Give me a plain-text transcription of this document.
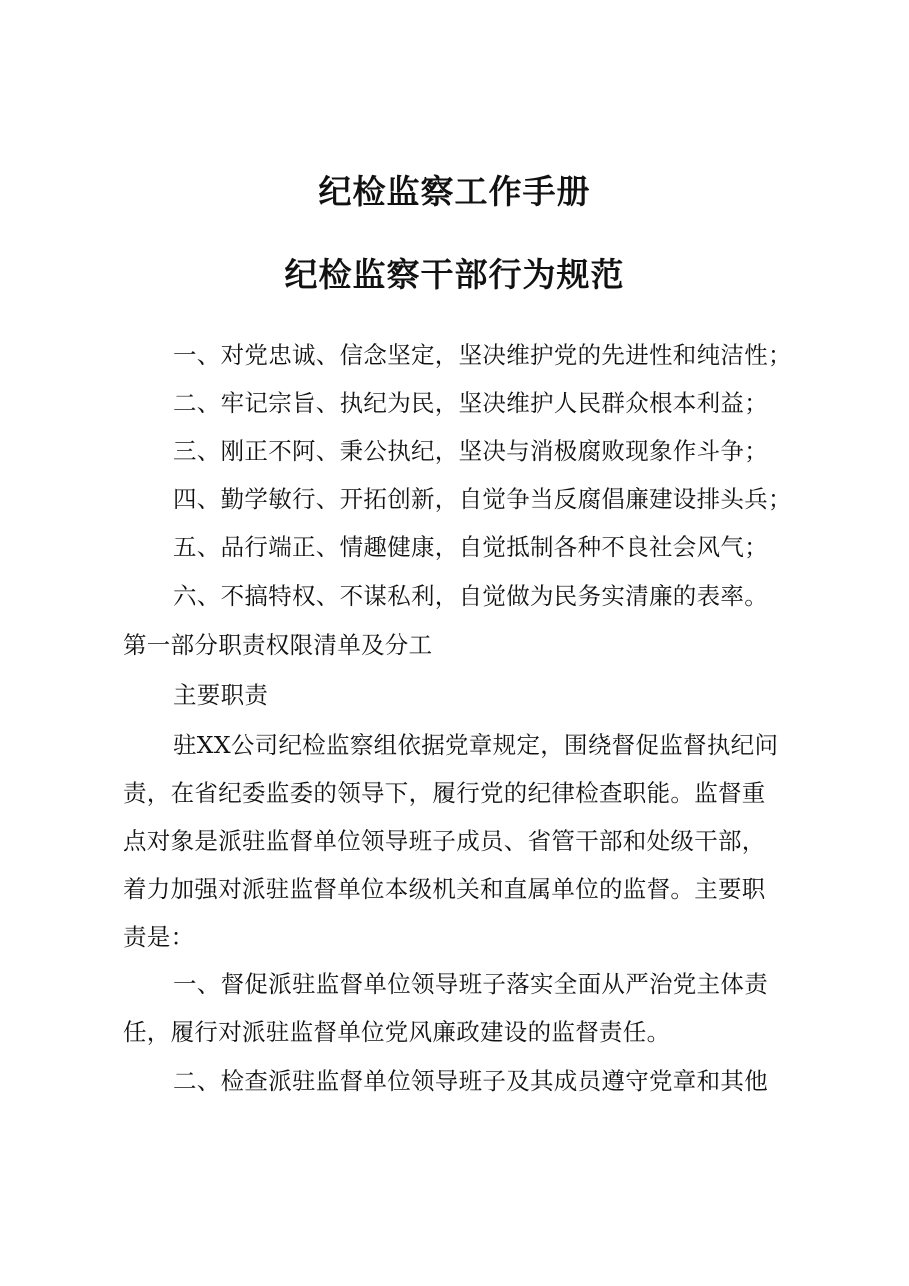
纪检监察工作手册
纪检监察干部行为规范
一、对党忠诚、信念坚定，坚决维护党的先进性和纯洁性；
二、牢记宗旨、执纪为民，坚决维护人民群众根本利益；
三、刚正不阿、秉公执纪，坚决与消极腐败现象作斗争；
四、勤学敏行、开拓创新，自觉争当反腐倡廉建设排头兵；
五、品行端正、情趣健康，自觉抵制各种不良社会风气；
六、不搞特权、不谋私利，自觉做为民务实清廉的表率。
第一部分职责权限清单及分工
主要职责
驻XX公司纪检监察组依据党章规定，围绕督促监督执纪问
责，在省纪委监委的领导下，履行党的纪律检查职能。监督重
点对象是派驻监督单位领导班子成员、省管干部和处级干部，
着力加强对派驻监督单位本级机关和直属单位的监督。主要职
责是：
一、督促派驻监督单位领导班子落实全面从严治党主体责
任，履行对派驻监督单位党风廉政建设的监督责任。
二、检查派驻监督单位领导班子及其成员遵守党章和其他
